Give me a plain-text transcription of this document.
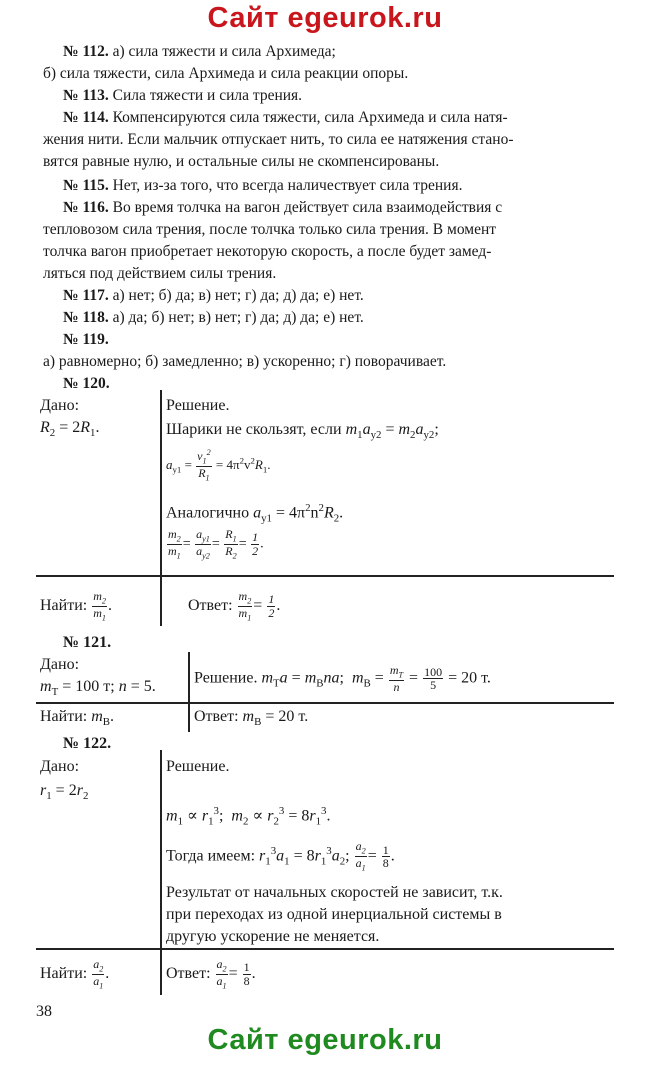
Сайт egeurok.ru
№ 112. а) сила тяжести и сила Архимеда;
б) сила тяжести, сила Архимеда и сила реакции опоры.
№ 113. Сила тяжести и сила трения.
№ 114. Компенсируются сила тяжести, сила Архимеда и сила натя-
жения нити. Если мальчик отпускает нить, то сила ее натяжения стано-
вятся равные нулю, и остальные силы не скомпенсированы.
№ 115. Нет, из-за того, что всегда наличествует сила трения.
№ 116. Во время толчка на вагон действует сила взаимодействия с
тепловозом сила трения, после толчка только сила трения. В момент
толчка вагон приобретает некоторую скорость, а после будет замед-
ляться под действием силы трения.
№ 117. а) нет; б) да; в) нет; г) да; д) да; е) нет.
№ 118. а) да; б) нет; в) нет; г) да; д) да; е) нет.
№ 119.
а) равномерно; б) замедленно; в) ускоренно; г) поворачивает.
№ 120.
Дано:
$R_2 = 2R_1$.
Решение.
Шарики не скользят, если $m_1a_{y2} = m_2a_{y2}$;
$a_{y1} = \frac{v_1^2}{R_1} = 4\pi^2v^2R_1$.
Аналогично $a_{y1} = 4\pi^2n^2R_2$.
$\frac{m_2}{m_1} = \frac{a_{y1}}{a_{y2}} = \frac{R_1}{R_2} = \frac{1}{2}$ .
Найти: $\frac{m_2}{m_1}$ .	Ответ: $\frac{m_2}{m_1} = \frac{1}{2}$ .
№ 121.
Дано:
$m_T = 100$ т; n = 5.
Решение. $m_Ta = m_Bna$;  $m_B = \frac{m_T}{n} = \frac{100}{5} = 20$ т.
Найти: $m_B$.	Ответ: $m_B = 20$ т.
№ 122.
Дано:
$r_1 = 2r_2$
Решение.
$m_1 \propto r_1^3$;  $m_2 \propto r_2^3 = 8r_1^3$.
Тогда имеем: $r_1^3a_1 = 8r_1^3a_2$; $\frac{a_2}{a_1} = \frac{1}{8}$ .
Результат от начальных скоростей не зависит, т.к.
при переходах из одной инерциальной системы в
другую ускорение не меняется.
Найти: $\frac{a_2}{a_1}$ .	Ответ: $\frac{a_2}{a_1} = \frac{1}{8}$ .
38
Сайт egeurok.ru
